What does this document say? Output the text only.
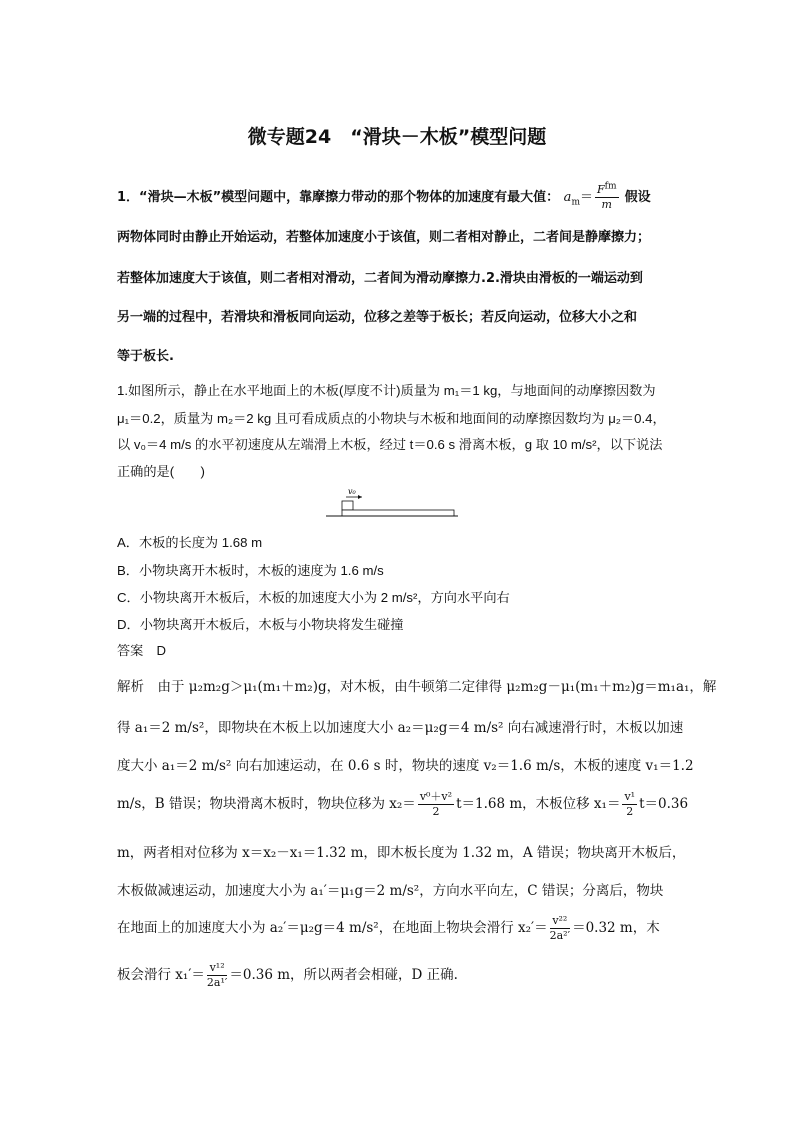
微专题24　“滑块－木板”模型问题
1．“滑块—木板”模型问题中，靠摩擦力带动的那个物体的加速度有最大值： $a_m= \frac{F^{fm}}{m}$ 假设
两物体同时由静止开始运动，若整体加速度小于该值，则二者相对静止，二者间是静摩擦力；
若整体加速度大于该值，则二者相对滑动，二者间为滑动摩擦力.2.滑块由滑板的一端运动到
另一端的过程中，若滑块和滑板同向运动，位移之差等于板长；若反向运动，位移大小之和
等于板长.
1.如图所示，静止在水平地面上的木板(厚度不计)质量为 m₁＝1 kg，与地面间的动摩擦因数为
μ₁＝0.2，质量为 m₂＝2 kg 且可看成质点的小物块与木板和地面间的动摩擦因数均为 μ₂＝0.4，
以 v₀＝4 m/s 的水平初速度从左端滑上木板，经过 t＝0.6 s 滑离木板，g 取 10 m/s²，以下说法
正确的是(　　)
v₀
A．木板的长度为 1.68 m
B．小物块离开木板时，木板的速度为 1.6 m/s
C．小物块离开木板后，木板的加速度大小为 2 m/s²，方向水平向右
D．小物块离开木板后，木板与小物块将发生碰撞
答案　D
解析　由于 μ₂m₂g＞μ₁(m₁＋m₂)g，对木板，由牛顿第二定律得 μ₂m₂g－μ₁(m₁＋m₂)g＝m₁a₁，解
得 a₁＝2 m/s²，即物块在木板上以加速度大小 a₂＝μ₂g＝4 m/s² 向右减速滑行时，木板以加速
度大小 a₁＝2 m/s² 向右加速运动，在 0.6 s 时，物块的速度 v₂＝1.6 m/s，木板的速度 v₁＝1.2
m/s，B 错误；物块滑离木板时，物块位移为 $x_2= \frac{\text{v⁰＋v²}}{2} t=1.68$ m，木板位移 $x_1= \frac{\text{v¹}}{2} t=0.36$
m，两者相对位移为 x＝x₂－x₁＝1.32 m，即木板长度为 1.32 m，A 错误；物块离开木板后，
木板做减速运动，加速度大小为 a₁′＝μ₁g＝2 m/s²，方向水平向左，C 错误；分离后，物块
在地面上的加速度大小为 a₂′＝μ₂g＝4 m/s²，在地面上物块会滑行 $x_2'= \frac{\text{v²²}}{\text{2a²′}} =0.32$ m，木
板会滑行 $x_1'= \frac{\text{v¹²}}{\text{2a¹′}} =0.36$ m，所以两者会相碰，D 正确.
